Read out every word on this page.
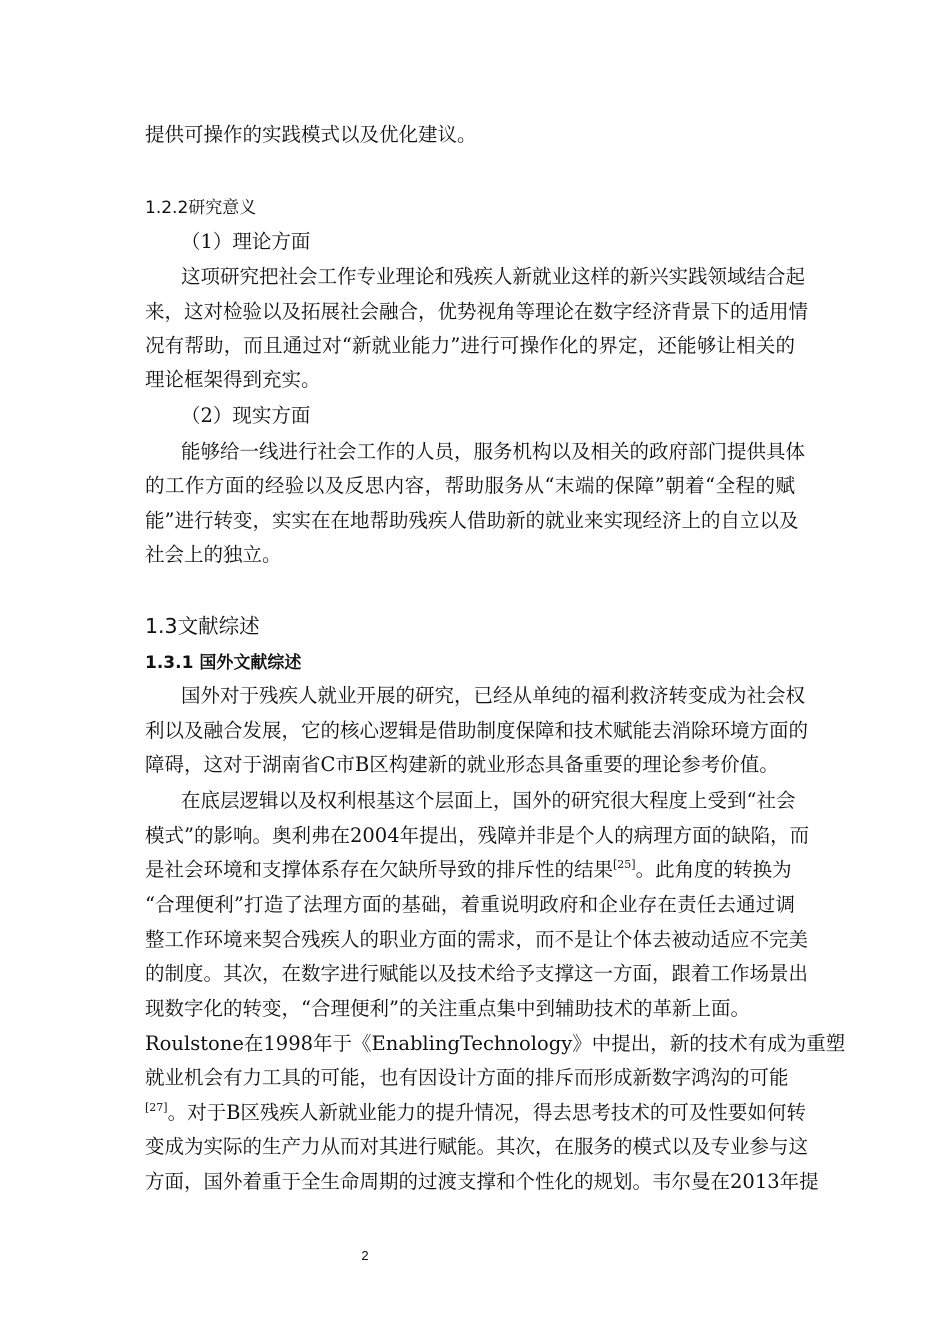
提供可操作的实践模式以及优化建议。
1.2.2研究意义
（1）理论方面
这项研究把社会工作专业理论和残疾人新就业这样的新兴实践领域结合起
来，这对检验以及拓展社会融合，优势视角等理论在数字经济背景下的适用情
况有帮助，而且通过对“新就业能力”进行可操作化的界定，还能够让相关的
理论框架得到充实。
（2）现实方面
能够给一线进行社会工作的人员，服务机构以及相关的政府部门提供具体
的工作方面的经验以及反思内容，帮助服务从“末端的保障”朝着“全程的赋
能”进行转变，实实在在地帮助残疾人借助新的就业来实现经济上的自立以及
社会上的独立。
1.3文献综述
1.3.1 国外文献综述
国外对于残疾人就业开展的研究，已经从单纯的福利救济转变成为社会权
利以及融合发展，它的核心逻辑是借助制度保障和技术赋能去消除环境方面的
障碍，这对于湖南省C市B区构建新的就业形态具备重要的理论参考价值。
在底层逻辑以及权利根基这个层面上，国外的研究很大程度上受到“社会
模式”的影响。奥利弗在2004年提出，残障并非是个人的病理方面的缺陷，而
是社会环境和支撑体系存在欠缺所导致的排斥性的结果[25]。此角度的转换为
“合理便利”打造了法理方面的基础，着重说明政府和企业存在责任去通过调
整工作环境来契合残疾人的职业方面的需求，而不是让个体去被动适应不完美
的制度。其次，在数字进行赋能以及技术给予支撑这一方面，跟着工作场景出
现数字化的转变，“合理便利”的关注重点集中到辅助技术的革新上面。
Roulstone在1998年于《EnablingTechnology》中提出，新的技术有成为重塑
就业机会有力工具的可能，也有因设计方面的排斥而形成新数字鸿沟的可能
[27]。对于B区残疾人新就业能力的提升情况，得去思考技术的可及性要如何转
变成为实际的生产力从而对其进行赋能。其次，在服务的模式以及专业参与这
方面，国外着重于全生命周期的过渡支撑和个性化的规划。韦尔曼在2013年提
2
